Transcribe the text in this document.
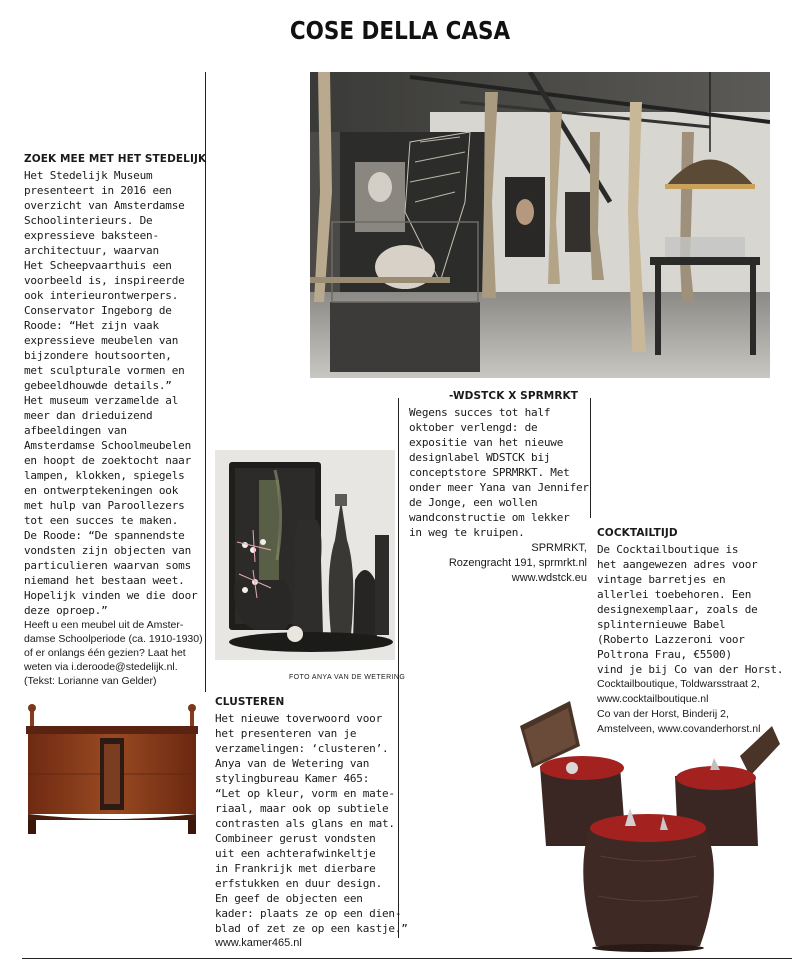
COSE DELLA CASA
ZOEK MEE MET HET STEDELIJK
Het Stedelijk Museum
presenteert in 2016 een
overzicht van Amsterdamse
Schoolinterieurs. De
expressieve baksteen-
architectuur, waarvan
Het Scheepvaarthuis een
voorbeeld is, inspireerde
ook interieurontwerpers.
Conservator Ingeborg de
Roode: “Het zijn vaak
expressieve meubelen van
bijzondere houtsoorten,
met sculpturale vormen en
gebeeldhouwde details.”
Het museum verzamelde al
meer dan drieduizend
afbeeldingen van
Amsterdamse Schoolmeubelen
en hoopt de zoektocht naar
lampen, klokken, spiegels
en ontwerptekeningen ook
met hulp van Paroollezers
tot een succes te maken.
De Roode: “De spannendste
vondsten zijn objecten van
particulieren waarvan soms
niemand het bestaan weet.
Hopelijk vinden we die door
deze oproep.”
Heeft u een meubel uit de Amster-
damse Schoolperiode (ca. 1910-1930)
of er onlangs één gezien? Laat het
weten via i.deroode@stedelijk.nl.
(Tekst: Lorianne van Gelder)	FOTO ANYA VAN DE WETERING
CLUSTEREN
Het nieuwe toverwoord voor
het presenteren van je
verzamelingen: ‘clusteren’.
Anya van de Wetering van
stylingbureau Kamer 465:
“Let op kleur, vorm en mate-
riaal, maar ook op subtiele
contrasten als glans en mat.
Combineer gerust vondsten
uit een achterafwinkeltje
in Frankrijk met dierbare
erfstukken en duur design.
En geef de objecten een
kader: plaats ze op een dien-
blad of zet ze op een kastje.”
www.kamer465.nl
-WDSTCK X SPRMRKT
Wegens succes tot half
oktober verlengd: de
expositie van het nieuwe
designlabel WDSTCK bij
conceptstore SPRMRKT. Met
onder meer Yana van Jennifer
de Jonge, een wollen
wandconstructie om lekker
in weg te kruipen.
SPRMRKT,
Rozengracht 191, sprmrkt.nl
www.wdstck.eu
COCKTAILTIJD
De Cocktailboutique is
het aangewezen adres voor
vintage barretjes en
allerlei toebehoren. Een
designexemplaar, zoals de
splinternieuwe Babel
(Roberto Lazzeroni voor
Poltrona Frau, €5500)
vind je bij Co van der Horst.
Cocktailboutique, Toldwarsstraat 2,
www.cocktailboutique.nl
Co van der Horst, Binderij 2,
Amstelveen, www.covanderhorst.nl
